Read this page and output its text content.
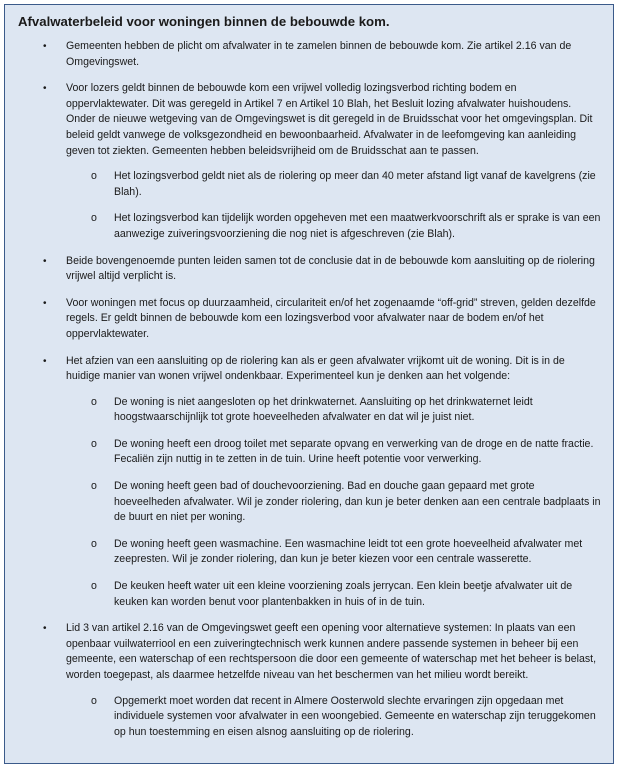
Afvalwaterbeleid voor woningen binnen de bebouwde kom.
• Gemeenten hebben de plicht om afvalwater in te zamelen binnen de bebouwde kom. Zie artikel 2.16 van de Omgevingswet.
• Voor lozers geldt binnen de bebouwde kom een vrijwel volledig lozingsverbod richting bodem en oppervlaktewater. Dit was geregeld in Artikel 7 en Artikel 10 Blah, het Besluit lozing afvalwater huishoudens. Onder de nieuwe wetgeving van de Omgevingswet is dit geregeld in de Bruidsschat voor het omgevingsplan. Dit beleid geldt vanwege de volksgezondheid en bewoonbaarheid. Afvalwater in de leefomgeving kan aanleiding geven tot ziekten. Gemeenten hebben beleidsvrijheid om de Bruidsschat aan te passen.
o Het lozingsverbod geldt niet als de riolering op meer dan 40 meter afstand ligt vanaf de kavelgrens (zie Blah).
o Het lozingsverbod kan tijdelijk worden opgeheven met een maatwerkvoorschrift als er sprake is van een aanwezige zuiveringsvoorziening die nog niet is afgeschreven (zie Blah).
• Beide bovengenoemde punten leiden samen tot de conclusie dat in de bebouwde kom aansluiting op de riolering vrijwel altijd verplicht is.
• Voor woningen met focus op duurzaamheid, circulariteit en/of het zogenaamde “off-grid” streven, gelden dezelfde regels. Er geldt binnen de bebouwde kom een lozingsverbod voor afvalwater naar de bodem en/of het oppervlaktewater.
• Het afzien van een aansluiting op de riolering kan als er geen afvalwater vrijkomt uit de woning. Dit is in de huidige manier van wonen vrijwel ondenkbaar. Experimenteel kun je denken aan het volgende:
o De woning is niet aangesloten op het drinkwaternet. Aansluiting op het drinkwaternet leidt hoogstwaarschijnlijk tot grote hoeveelheden afvalwater en dat wil je juist niet.
o De woning heeft een droog toilet met separate opvang en verwerking van de droge en de natte fractie. Fecaliën zijn nuttig in te zetten in de tuin. Urine heeft potentie voor verwerking.
o De woning heeft geen bad of douchevoorziening. Bad en douche gaan gepaard met grote hoeveelheden afvalwater. Wil je zonder riolering, dan kun je beter denken aan een centrale badplaats in de buurt en niet per woning.
o De woning heeft geen wasmachine. Een wasmachine leidt tot een grote hoeveelheid afvalwater met zeepresten. Wil je zonder riolering, dan kun je beter kiezen voor een centrale wasserette.
o De keuken heeft water uit een kleine voorziening zoals jerrycan. Een klein beetje afvalwater uit de keuken kan worden benut voor plantenbakken in huis of in de tuin.
• Lid 3 van artikel 2.16 van de Omgevingswet geeft een opening voor alternatieve systemen: In plaats van een openbaar vuilwaterriool en een zuiveringtechnisch werk kunnen andere passende systemen in beheer bij een gemeente, een waterschap of een rechtspersoon die door een gemeente of waterschap met het beheer is belast, worden toegepast, als daarmee hetzelfde niveau van het beschermen van het milieu wordt bereikt.
o Opgemerkt moet worden dat recent in Almere Oosterwold slechte ervaringen zijn opgedaan met individuele systemen voor afvalwater in een woongebied. Gemeente en waterschap zijn teruggekomen op hun toestemming en eisen alsnog aansluiting op de riolering.
